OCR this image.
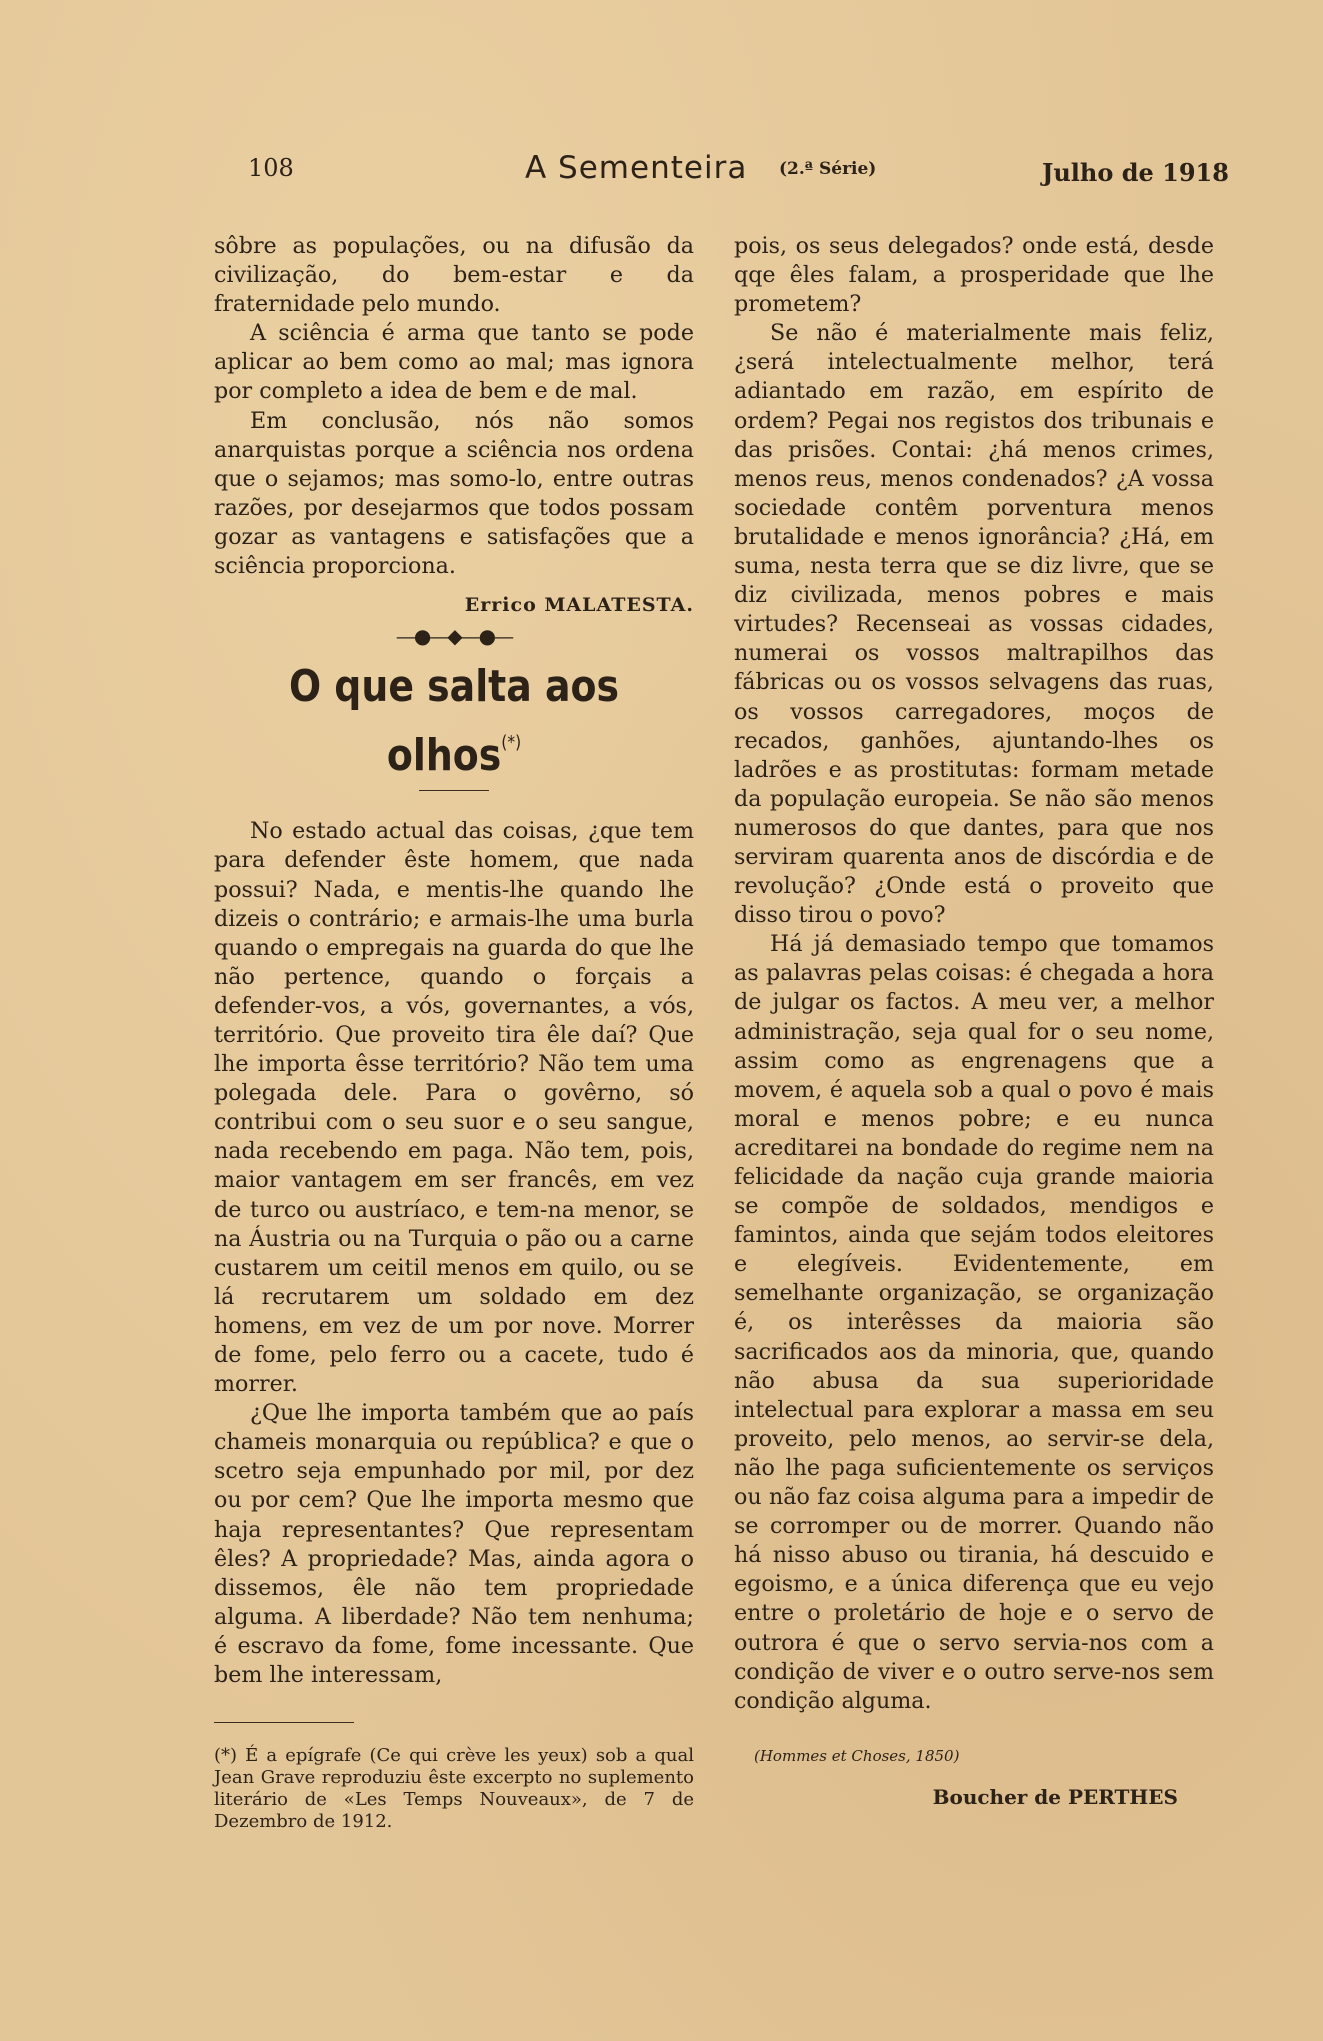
108	A Sementeira (2.ª Série)	Julho de 1918

sôbre as populações, ou na difusão da civilização, do bem-estar e da fraternidade pelo mundo.

A sciência é arma que tanto se pode aplicar ao bem como ao mal; mas ignora por completo a idea de bem e de mal.

Em conclusão, nós não somos anarquistas porque a sciência nos ordena que o sejamos; mas somo-lo, entre outras razões, por desejarmos que todos possam gozar as vantagens e satisfações que a sciência proporciona.

Errico MALATESTA.
—●—◆—●—
O que salta aos olhos(*)

No estado actual das coisas, ¿que tem para defender êste homem, que nada possui? Nada, e mentis-lhe quando lhe dizeis o contrário; e armais-lhe uma burla quando o empregais na guarda do que lhe não pertence, quando o forçais a defender-vos, a vós, governantes, a vós, território. Que proveito tira êle daí? Que lhe importa êsse território? Não tem uma polegada dele. Para o govêrno, só contribui com o seu suor e o seu sangue, nada recebendo em paga. Não tem, pois, maior vantagem em ser francês, em vez de turco ou austríaco, e tem-na menor, se na Áustria ou na Turquia o pão ou a carne custarem um ceitil menos em quilo, ou se lá recrutarem um soldado em dez homens, em vez de um por nove. Morrer de fome, pelo ferro ou a cacete, tudo é morrer.

¿Que lhe importa também que ao país chameis monarquia ou república? e que o scetro seja empunhado por mil, por dez ou por cem? Que lhe importa mesmo que haja representantes? Que representam êles? A propriedade? Mas, ainda agora o dissemos, êle não tem propriedade alguma. A liberdade? Não tem nenhuma; é escravo da fome, fome incessante. Que bem lhe interessam,

(*) É a epígrafe (Ce qui crève les yeux) sob a qual Jean Grave reproduziu êste excerpto no suplemento literário de «Les Temps Nouveaux», de 7 de Dezembro de 1912.

pois, os seus delegados? onde está, desde qqe êles falam, a prosperidade que lhe prometem?

Se não é materialmente mais feliz, ¿será intelectualmente melhor, terá adiantado em razão, em espírito de ordem? Pegai nos registos dos tribunais e das prisões. Contai: ¿há menos crimes, menos reus, menos condenados? ¿A vossa sociedade contêm porventura menos brutalidade e menos ignorância? ¿Há, em suma, nesta terra que se diz livre, que se diz civilizada, menos pobres e mais virtudes? Recenseai as vossas cidades, numerai os vossos maltrapilhos das fábricas ou os vossos selvagens das ruas, os vossos carregadores, moços de recados, ganhões, ajuntando-lhes os ladrões e as prostitutas: formam metade da população europeia. Se não são menos numerosos do que dantes, para que nos serviram quarenta anos de discórdia e de revolução? ¿Onde está o proveito que disso tirou o povo?

Há já demasiado tempo que tomamos as palavras pelas coisas: é chegada a hora de julgar os factos. A meu ver, a melhor administração, seja qual for o seu nome, assim como as engrenagens que a movem, é aquela sob a qual o povo é mais moral e menos pobre; e eu nunca acreditarei na bondade do regime nem na felicidade da nação cuja grande maioria se compõe de soldados, mendigos e famintos, ainda que sejám todos eleitores e elegíveis. Evidentemente, em semelhante organização, se organização é, os interêsses da maioria são sacrificados aos da minoria, que, quando não abusa da sua superioridade intelectual para explorar a massa em seu proveito, pelo menos, ao servir-se dela, não lhe paga suficientemente os serviços ou não faz coisa alguma para a impedir de se corromper ou de morrer. Quando não há nisso abuso ou tirania, há descuido e egoismo, e a única diferença que eu vejo entre o proletário de hoje e o servo de outrora é que o servo servia-nos com a condição de viver e o outro serve-nos sem condição alguma.

(Hommes et Choses, 1850)
Boucher de PERTHES
